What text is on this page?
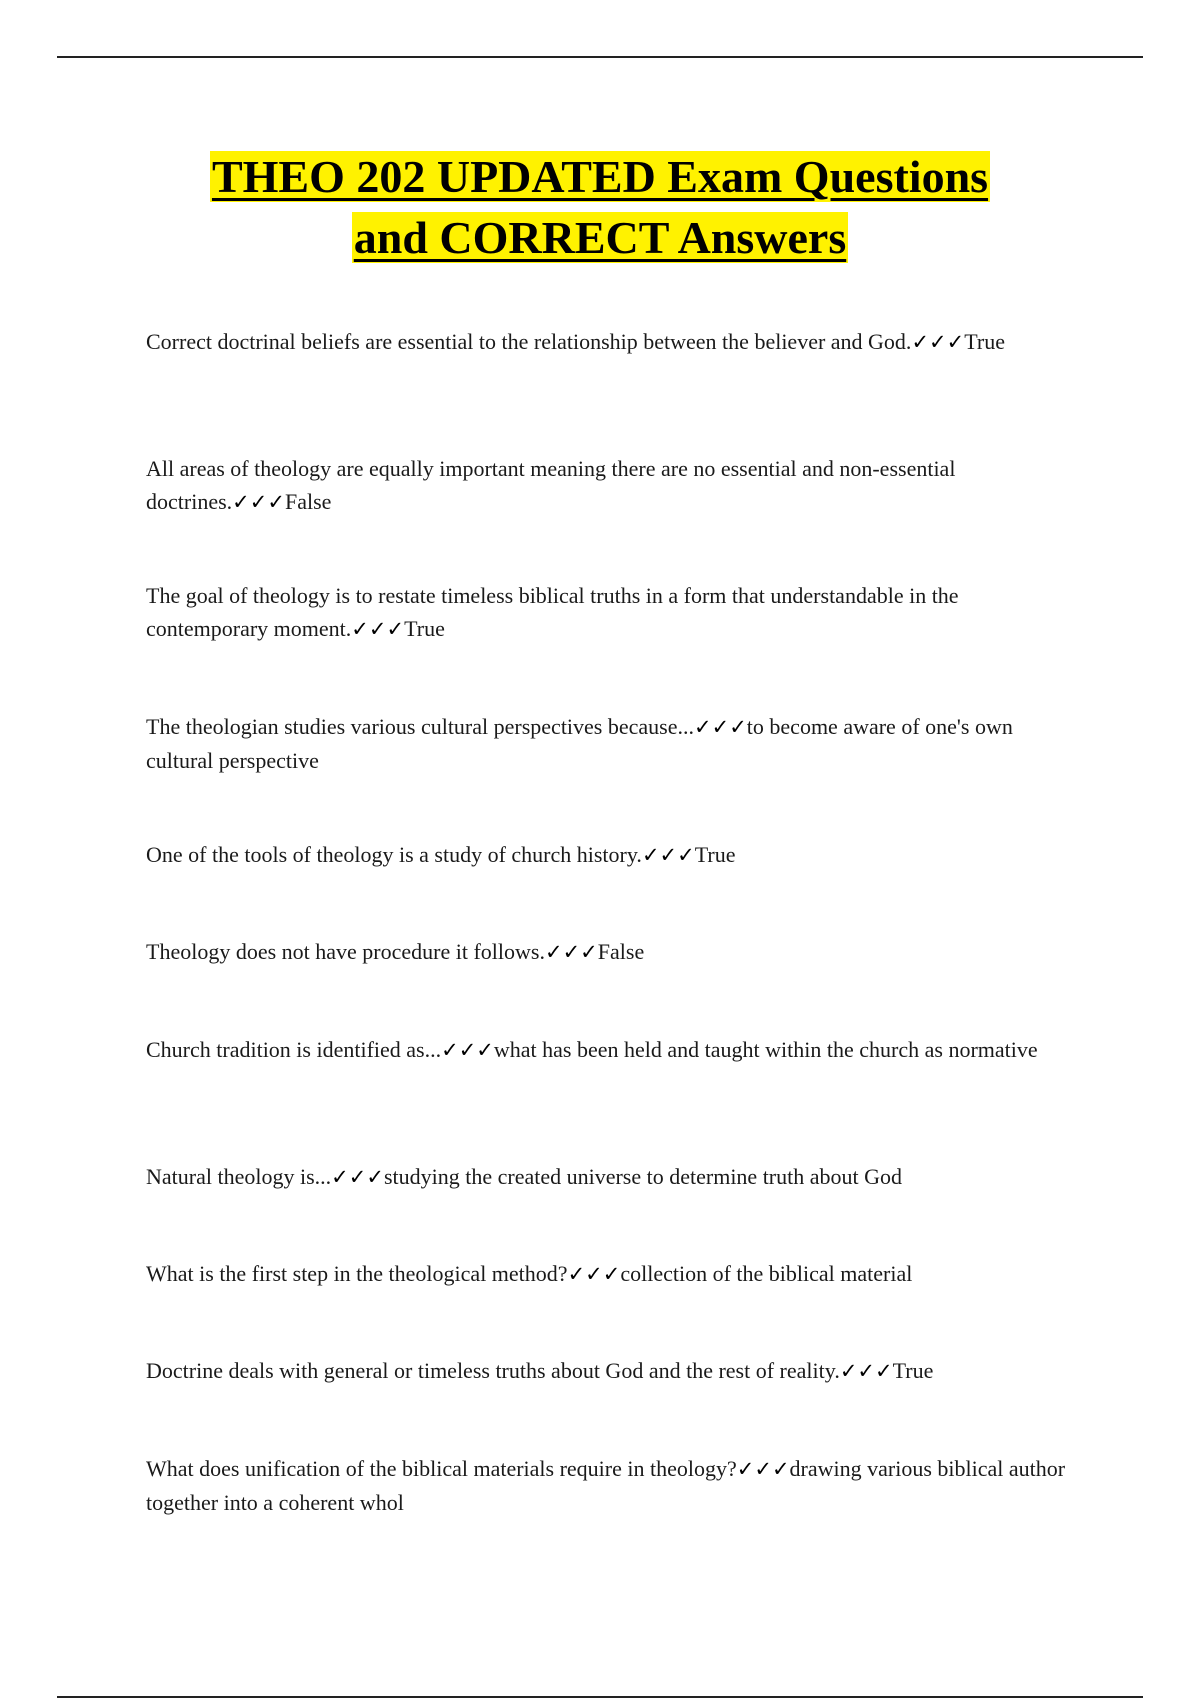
THEO 202 UPDATED Exam Questions
and CORRECT Answers

Correct doctrinal beliefs are essential to the relationship between the believer and God.✓✓✓True

All areas of theology are equally important meaning there are no essential and non-essential doctrines.✓✓✓False

The goal of theology is to restate timeless biblical truths in a form that understandable in the contemporary moment.✓✓✓True

The theologian studies various cultural perspectives because...✓✓✓to become aware of one's own cultural perspective

One of the tools of theology is a study of church history.✓✓✓True

Theology does not have procedure it follows.✓✓✓False

Church tradition is identified as...✓✓✓what has been held and taught within the church as normative

Natural theology is...✓✓✓studying the created universe to determine truth about God

What is the first step in the theological method?✓✓✓collection of the biblical material

Doctrine deals with general or timeless truths about God and the rest of reality.✓✓✓True

What does unification of the biblical materials require in theology?✓✓✓drawing various biblical author together into a coherent whol
